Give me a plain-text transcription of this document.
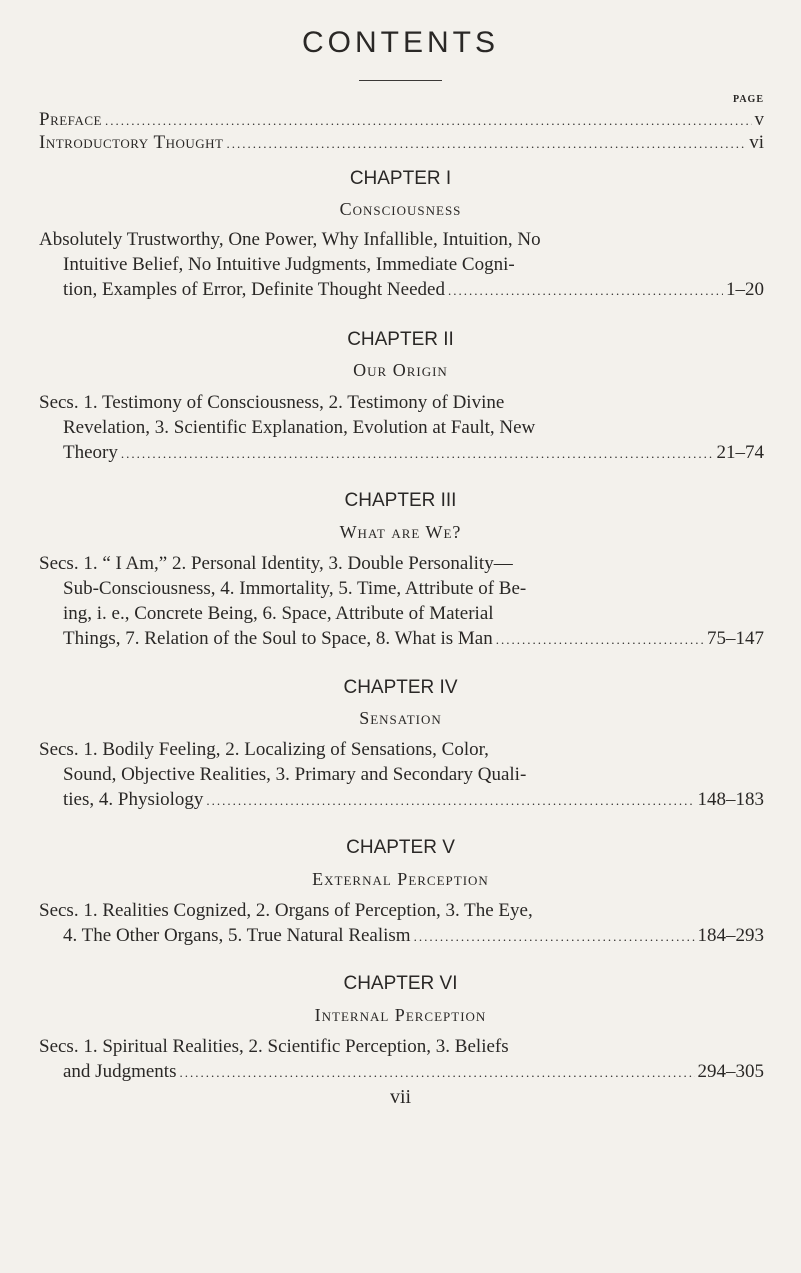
CONTENTS
PAGE
Preface .....	v
Introductory Thought .....	vi
CHAPTER I
Consciousness
Absolutely Trustworthy, One Power, Why Infallible, Intuition, No
Intuitive Belief, No Intuitive Judgments, Immediate Cogni-
tion, Examples of Error, Definite Thought Needed .....	1–20
CHAPTER II
Our Origin
Secs. 1. Testimony of Consciousness, 2. Testimony of Divine
Revelation, 3. Scientific Explanation, Evolution at Fault, New
Theory .....	21–74
CHAPTER III
What are We?
Secs. 1. “ I Am,” 2. Personal Identity, 3. Double Personality—
Sub-Consciousness, 4. Immortality, 5. Time, Attribute of Be-
ing, i. e., Concrete Being, 6. Space, Attribute of Material
Things, 7. Relation of the Soul to Space, 8. What is Man .....	75–147
CHAPTER IV
Sensation
Secs. 1. Bodily Feeling, 2. Localizing of Sensations, Color,
Sound, Objective Realities, 3. Primary and Secondary Quali-
ties, 4. Physiology .....	148–183
CHAPTER V
External Perception
Secs. 1. Realities Cognized, 2. Organs of Perception, 3. The Eye,
4. The Other Organs, 5. True Natural Realism .....	184–293
CHAPTER VI
Internal Perception
Secs. 1. Spiritual Realities, 2. Scientific Perception, 3. Beliefs
and Judgments .....	294–305
vii
